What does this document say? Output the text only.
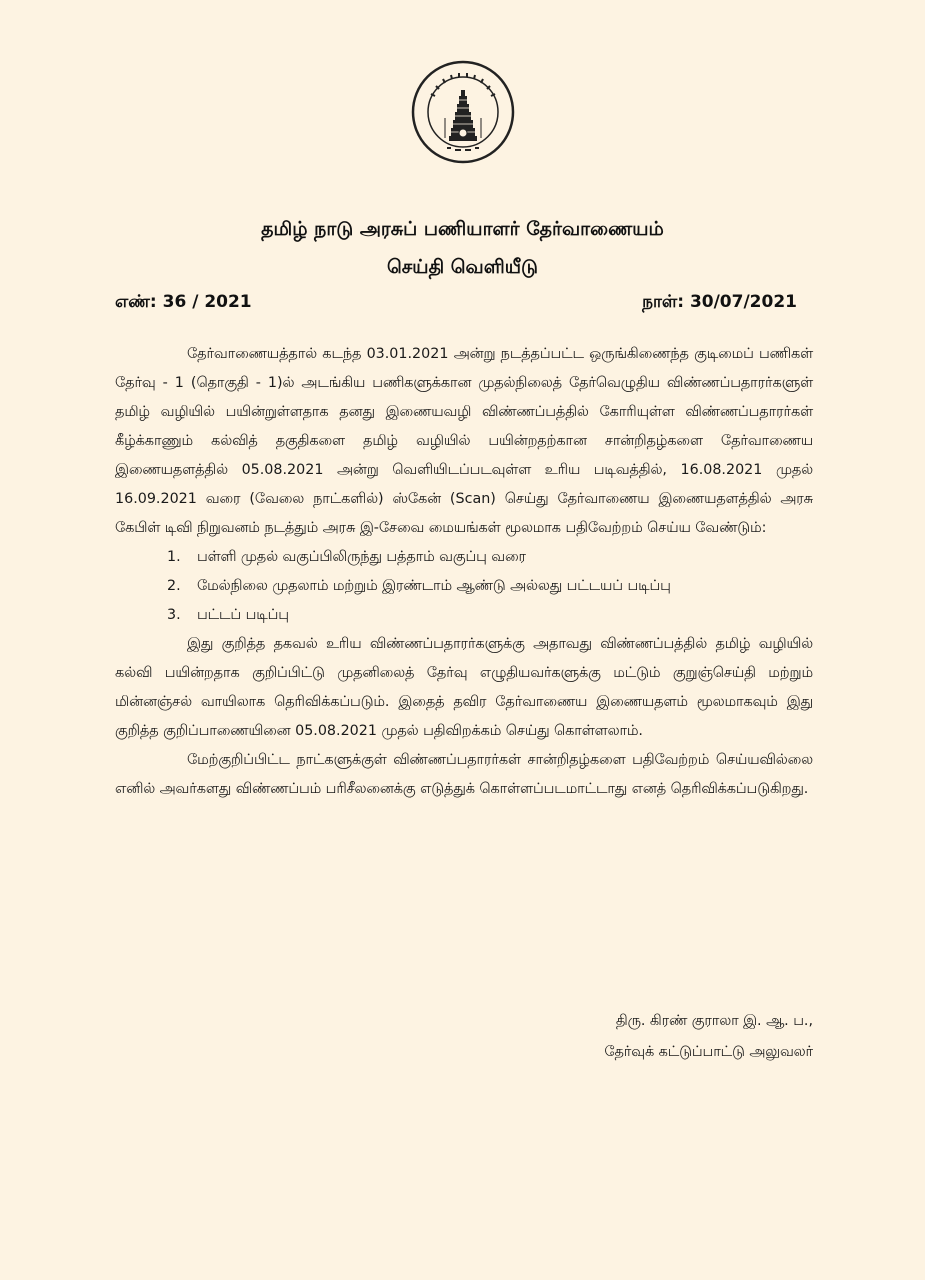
தமிழ் நாடு அரசுப் பணியாளர் தேர்வாணையம்
செய்தி வெளியீடு
எண்: 36 / 2021	நாள்: 30/07/2021

தேர்வாணையத்தால் கடந்த 03.01.2021 அன்று நடத்தப்பட்ட ஒருங்கிணைந்த குடிமைப் பணிகள் தேர்வு - 1 (தொகுதி - 1)ல் அடங்கிய பணிகளுக்கான முதல்நிலைத் தேர்வெழுதிய விண்ணப்பதாரர்களுள் தமிழ் வழியில் பயின்றுள்ளதாக தனது இணையவழி விண்ணப்பத்தில் கோரியுள்ள விண்ணப்பதாரர்கள் கீழ்க்காணும் கல்வித் தகுதிகளை தமிழ் வழியில் பயின்றதற்கான சான்றிதழ்களை தேர்வாணைய இணையதளத்தில் 05.08.2021 அன்று வெளியிடப்படவுள்ள உரிய படிவத்தில், 16.08.2021 முதல் 16.09.2021 வரை (வேலை நாட்களில்) ஸ்கேன் (Scan) செய்து தேர்வாணைய இணையதளத்தில் அரசு கேபிள் டிவி நிறுவனம் நடத்தும் அரசு இ-சேவை மையங்கள் மூலமாக பதிவேற்றம் செய்ய வேண்டும்:

1. பள்ளி முதல் வகுப்பிலிருந்து பத்தாம் வகுப்பு வரை
2. மேல்நிலை முதலாம் மற்றும் இரண்டாம் ஆண்டு அல்லது பட்டயப் படிப்பு
3. பட்டப் படிப்பு

இது குறித்த தகவல் உரிய விண்ணப்பதாரர்களுக்கு அதாவது விண்ணப்பத்தில் தமிழ் வழியில் கல்வி பயின்றதாக குறிப்பிட்டு முதனிலைத் தேர்வு எழுதியவர்களுக்கு மட்டும் குறுஞ்செய்தி மற்றும் மின்னஞ்சல் வாயிலாக தெரிவிக்கப்படும். இதைத் தவிர தேர்வாணைய இணையதளம் மூலமாகவும் இது குறித்த குறிப்பாணையினை 05.08.2021 முதல் பதிவிறக்கம் செய்து கொள்ளலாம்.

மேற்குறிப்பிட்ட நாட்களுக்குள் விண்ணப்பதாரர்கள் சான்றிதழ்களை பதிவேற்றம் செய்யவில்லை எனில் அவர்களது விண்ணப்பம் பரிசீலனைக்கு எடுத்துக் கொள்ளப்படமாட்டாது எனத் தெரிவிக்கப்படுகிறது.

திரு. கிரண் குராலா இ. ஆ. ப.,
தேர்வுக் கட்டுப்பாட்டு அலுவலர்
